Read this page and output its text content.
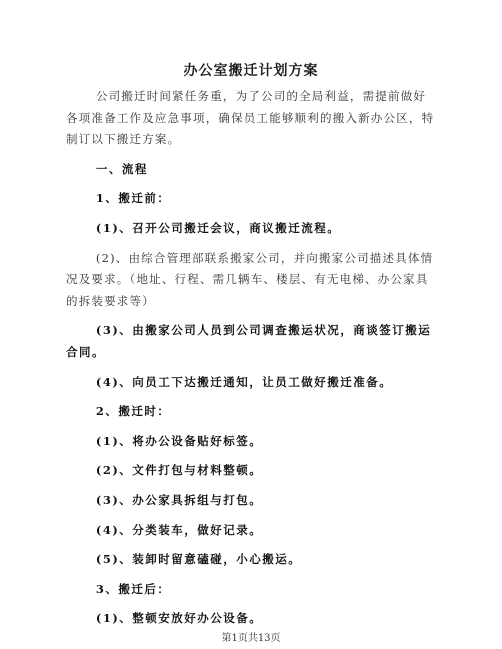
办公室搬迁计划方案

公司搬迁时间紧任务重，为了公司的全局利益，需提前做好各项准备工作及应急事项，确保员工能够顺利的搬入新办公区，特制订以下搬迁方案。

一、流程

1、搬迁前：

(1)、召开公司搬迁会议，商议搬迁流程。

(2)、由综合管理部联系搬家公司，并向搬家公司描述具体情况及要求。（地址、行程、需几辆车、楼层、有无电梯、办公家具的拆装要求等）

(3)、由搬家公司人员到公司调查搬运状况，商谈签订搬运合同。

(4)、向员工下达搬迁通知，让员工做好搬迁准备。

2、搬迁时：

(1)、将办公设备贴好标签。

(2)、文件打包与材料整顿。

(3)、办公家具拆组与打包。

(4)、分类装车，做好记录。

(5)、装卸时留意磕碰，小心搬运。

3、搬迁后：

(1)、整顿安放好办公设备。

第1页共13页
